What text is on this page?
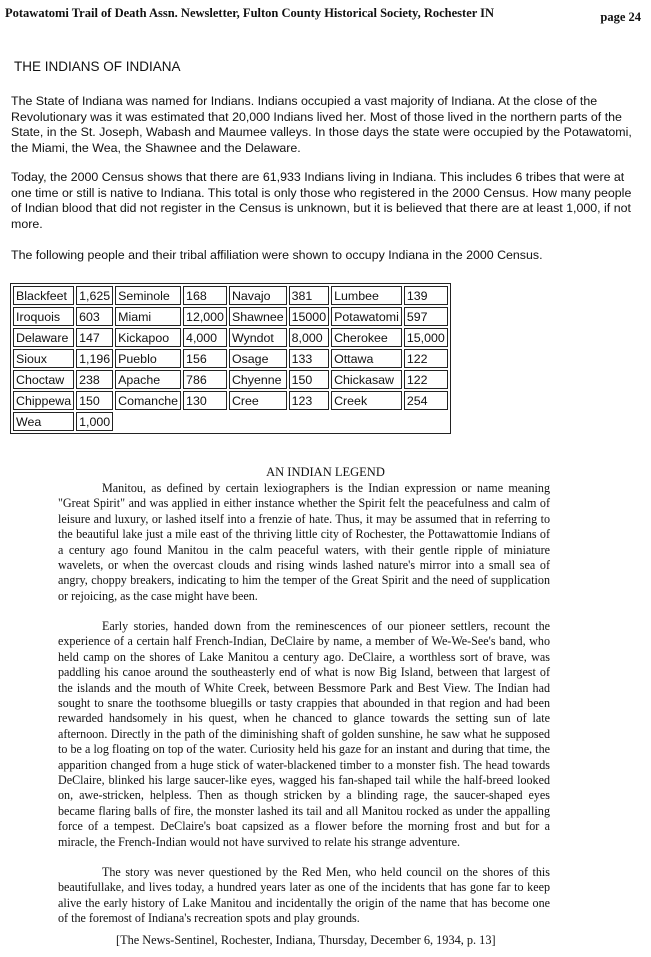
Potawatomi Trail of Death Assn. Newsletter, Fulton County Historical Society, Rochester IN	page 24
THE INDIANS OF INDIANA

The State of Indiana was named for Indians. Indians occupied a vast majority of Indiana. At the close of the Revolutionary was it was estimated that 20,000 Indians lived her. Most of those lived in the northern parts of the State, in the St. Joseph, Wabash and Maumee valleys. In those days the state were occupied by the Potawatomi, the Miami, the Wea, the Shawnee and the Delaware.

Today, the 2000 Census shows that there are 61,933 Indians living in Indiana. This includes 6 tribes that were at one time or still is native to Indiana. This total is only those who registered in the 2000 Census. How many people of Indian blood that did not register in the Census is unknown, but it is believed that there are at least 1,000, if not more.

The following people and their tribal affiliation were shown to occupy Indiana in the 2000 Census.

Blackfeet	1,625	Seminole	168	Navajo	381	Lumbee	139
Iroquois	603	Miami	12,000	Shawnee	15000	Potawatomi	597
Delaware	147	Kickapoo	4,000	Wyndot	8,000	Cherokee	15,000
Sioux	1,196	Pueblo	156	Osage	133	Ottawa	122
Choctaw	238	Apache	786	Chyenne	150	Chickasaw	122
Chippewa	150	Comanche	130	Cree	123	Creek	254
Wea	1,000						
AN INDIAN LEGEND

Manitou, as defined by certain lexiographers is the Indian expression or name meaning "Great Spirit" and was applied in either instance whether the Spirit felt the peacefulness and calm of leisure and luxury, or lashed itself into a frenzie of hate. Thus, it may be assumed that in referring to the beautiful lake just a mile east of the thriving little city of Rochester, the Pottawattomie Indians of a century ago found Manitou in the calm peaceful waters, with their gentle ripple of miniature wavelets, or when the overcast clouds and rising winds lashed nature's mirror into a small sea of angry, choppy breakers, indicating to him the temper of the Great Spirit and the need of supplication or rejoicing, as the case might have been.

Early stories, handed down from the reminescences of our pioneer settlers, recount the experience of a certain half French-Indian, DeClaire by name, a member of We-We-See's band, who held camp on the shores of Lake Manitou a century ago. DeClaire, a worthless sort of brave, was paddling his canoe around the southeasterly end of what is now Big Island, between that largest of the islands and the mouth of White Creek, between Bessmore Park and Best View. The Indian had sought to snare the toothsome bluegills or tasty crappies that abounded in that region and had been rewarded handsomely in his quest, when he chanced to glance towards the setting sun of late afternoon. Directly in the path of the diminishing shaft of golden sunshine, he saw what he supposed to be a log floating on top of the water. Curiosity held his gaze for an instant and during that time, the apparition changed from a huge stick of water-blackened timber to a monster fish. The head towards DeClaire, blinked his large saucer-like eyes, wagged his fan-shaped tail while the half-breed looked on, awe-stricken, helpless. Then as though stricken by a blinding rage, the saucer-shaped eyes became flaring balls of fire, the monster lashed its tail and all Manitou rocked as under the appalling force of a tempest. DeClaire's boat capsized as a flower before the morning frost and but for a miracle, the French-Indian would not have survived to relate his strange adventure.

The story was never questioned by the Red Men, who held council on the shores of this beautifullake, and lives today, a hundred years later as one of the incidents that has gone far to keep alive the early history of Lake Manitou and incidentally the origin of the name that has become one of the foremost of Indiana's recreation spots and play grounds.

[The News-Sentinel, Rochester, Indiana, Thursday, December 6, 1934, p. 13]
